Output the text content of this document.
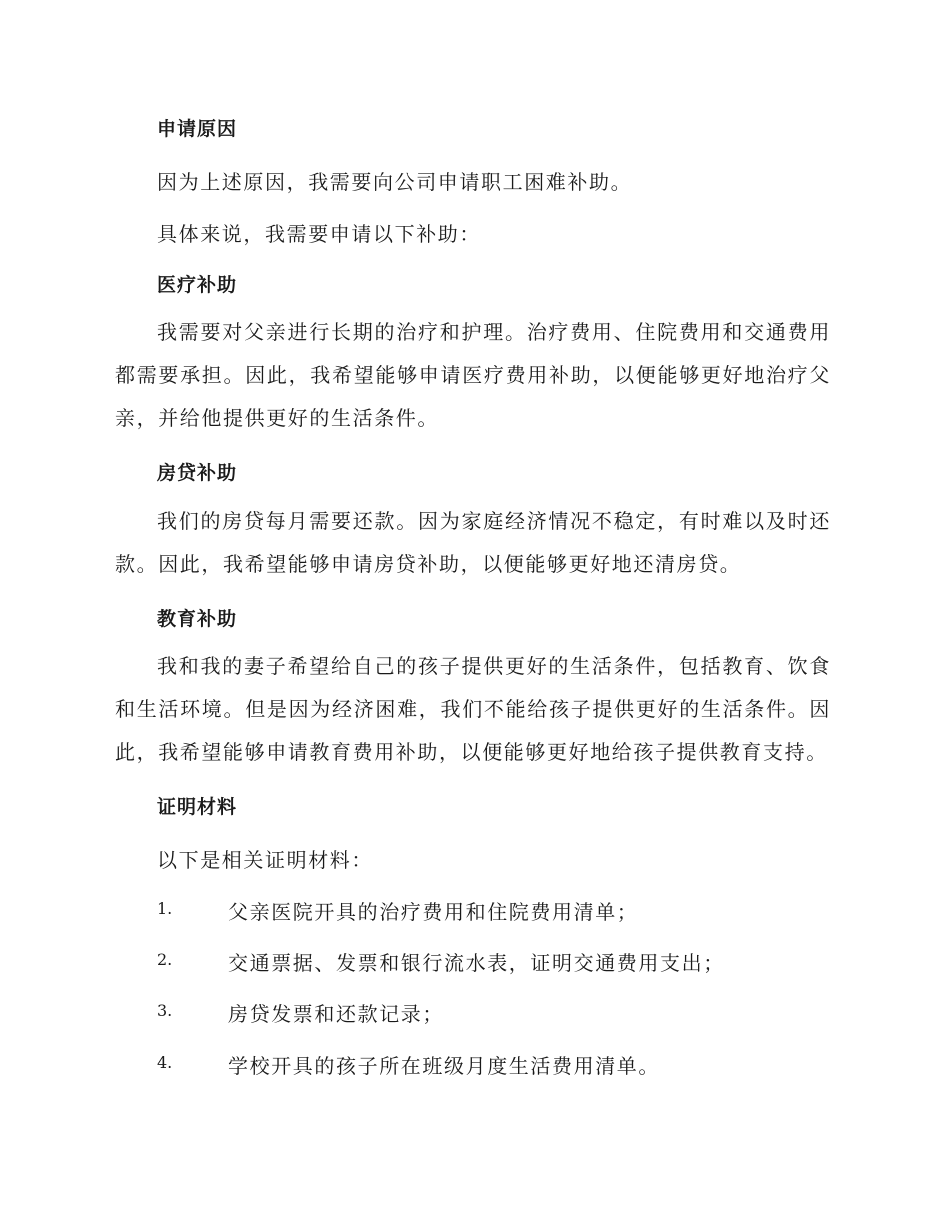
申请原因
因为上述原因，我需要向公司申请职工困难补助。
具体来说，我需要申请以下补助：
医疗补助
我需要对父亲进行长期的治疗和护理。治疗费用、住院费用和交通费用都需要承担。因此，我希望能够申请医疗费用补助，以便能够更好地治疗父亲，并给他提供更好的生活条件。
房贷补助
我们的房贷每月需要还款。因为家庭经济情况不稳定，有时难以及时还款。因此，我希望能够申请房贷补助，以便能够更好地还清房贷。
教育补助
我和我的妻子希望给自己的孩子提供更好的生活条件，包括教育、饮食和生活环境。但是因为经济困难，我们不能给孩子提供更好的生活条件。因此，我希望能够申请教育费用补助，以便能够更好地给孩子提供教育支持。
证明材料
以下是相关证明材料：
1.	父亲医院开具的治疗费用和住院费用清单；
2.	交通票据、发票和银行流水表，证明交通费用支出；
3.	房贷发票和还款记录；
4.	学校开具的孩子所在班级月度生活费用清单。
